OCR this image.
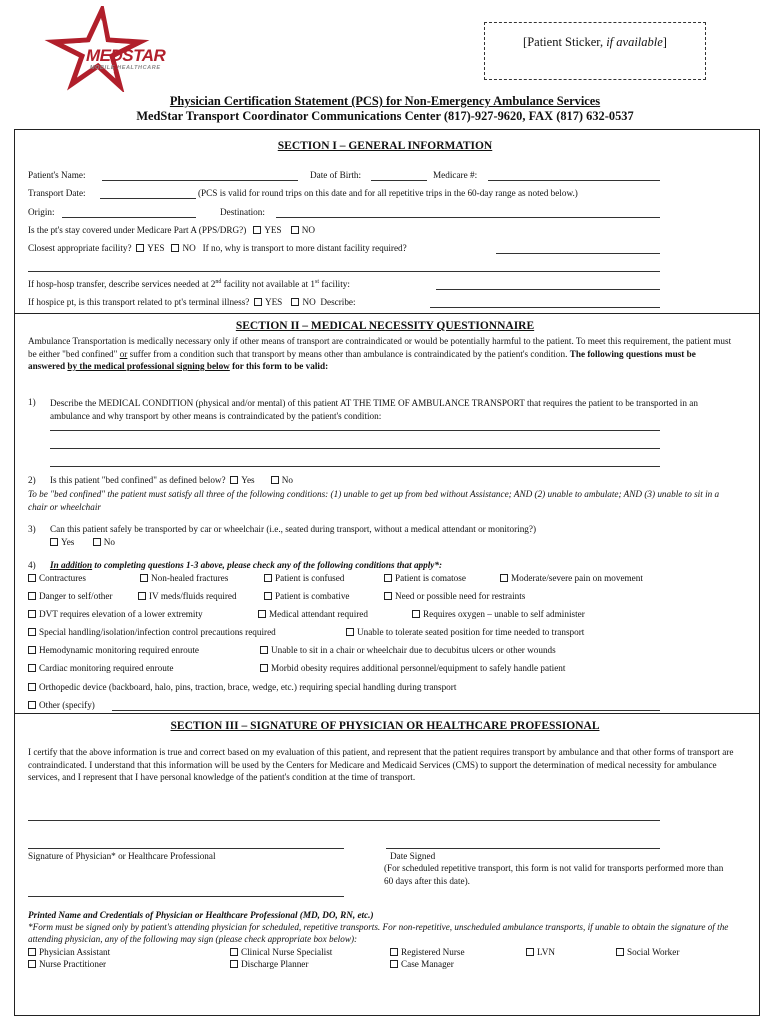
MEDSTAR
MOBILE HEALTHCARE
[Patient Sticker, if available]
Physician Certification Statement (PCS) for Non-Emergency Ambulance Services
MedStar Transport Coordinator Communications Center (817)-927-9620, FAX (817) 632-0537
SECTION I – GENERAL INFORMATION
Patient's Name:	Date of Birth:	Medicare #:
Transport Date:	(PCS is valid for round trips on this date and for all repetitive trips in the 60-day range as noted below.)
Origin:	Destination:
Is the pt's stay covered under Medicare Part A (PPS/DRG?) YES NO
Closest appropriate facility? YES NO If no, why is transport to more distant facility required?
If hosp-hosp transfer, describe services needed at 2nd facility not available at 1st facility:
If hospice pt, is this transport related to pt's terminal illness? YES NO Describe:
SECTION II – MEDICAL NECESSITY QUESTIONNAIRE
Ambulance Transportation is medically necessary only if other means of transport are contraindicated or would be potentially harmful to the patient. To meet this requirement, the patient must be either "bed confined" or suffer from a condition such that transport by means other than ambulance is contraindicated by the patient's condition. The following questions must be answered by the medical professional signing below for this form to be valid:
1) Describe the MEDICAL CONDITION (physical and/or mental) of this patient AT THE TIME OF AMBULANCE TRANSPORT that requires the patient to be transported in an ambulance and why transport by other means is contraindicated by the patient's condition:
2) Is this patient "bed confined" as defined below? Yes	No
To be "bed confined" the patient must satisfy all three of the following conditions: (1) unable to get up from bed without Assistance; AND (2) unable to ambulate; AND (3) unable to sit in a chair or wheelchair
3) Can this patient safely be transported by car or wheelchair (i.e., seated during transport, without a medical attendant or monitoring?)
Yes	No
4) In addition to completing questions 1-3 above, please check any of the following conditions that apply*:
Contractures	Non-healed fractures	Patient is confused	Patient is comatose	Moderate/severe pain on movement
Danger to self/other	IV meds/fluids required	Patient is combative	Need or possible need for restraints
DVT requires elevation of a lower extremity	Medical attendant required	Requires oxygen – unable to self administer
Special handling/isolation/infection control precautions required	Unable to tolerate seated position for time needed to transport
Hemodynamic monitoring required enroute	Unable to sit in a chair or wheelchair due to decubitus ulcers or other wounds
Cardiac monitoring required enroute	Morbid obesity requires additional personnel/equipment to safely handle patient
Orthopedic device (backboard, halo, pins, traction, brace, wedge, etc.) requiring special handling during transport
Other (specify)
SECTION III – SIGNATURE OF PHYSICIAN OR HEALTHCARE PROFESSIONAL
I certify that the above information is true and correct based on my evaluation of this patient, and represent that the patient requires transport by ambulance and that other forms of transport are contraindicated. I understand that this information will be used by the Centers for Medicare and Medicaid Services (CMS) to support the determination of medical necessity for ambulance services, and I represent that I have personal knowledge of the patient's condition at the time of transport.
Signature of Physician* or Healthcare Professional	Date Signed
(For scheduled repetitive transport, this form is not valid for transports performed more than 60 days after this date).
Printed Name and Credentials of Physician or Healthcare Professional (MD, DO, RN, etc.)
*Form must be signed only by patient's attending physician for scheduled, repetitive transports. For non-repetitive, unscheduled ambulance transports, if unable to obtain the signature of the attending physician, any of the following may sign (please check appropriate box below):
Physician Assistant	Clinical Nurse Specialist	Registered Nurse	LVN	Social Worker
Nurse Practitioner	Discharge Planner	Case Manager
